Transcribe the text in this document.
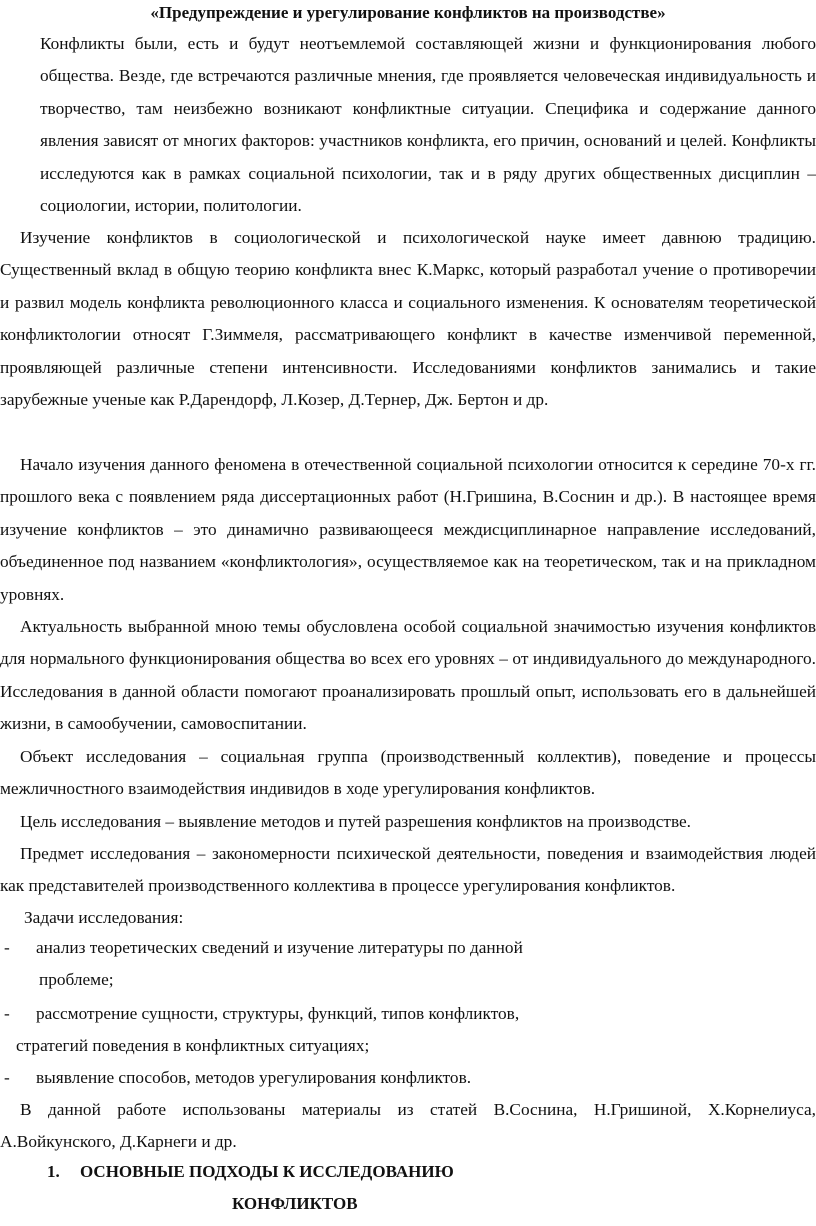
«Предупреждение и урегулирование конфликтов на производстве»

Конфликты были, есть и будут неотъемлемой составляющей жизни и функционирования любого общества. Везде, где встречаются различные мнения, где проявляется человеческая индивидуальность и творчество, там неизбежно возникают конфликтные ситуации. Специфика и содержание данного явления зависят от многих факторов: участников конфликта, его причин, оснований и целей. Конфликты исследуются как в рамках социальной психологии, так и в ряду других общественных дисциплин – социологии, истории, политологии.

Изучение конфликтов в социологической и психологической науке имеет давнюю традицию. Существенный вклад в общую теорию конфликта внес К.Маркс, который разработал учение о противоречии и развил модель конфликта революционного класса и социального изменения. К основателям теоретической конфликтологии относят Г.Зиммеля, рассматривающего конфликт в качестве изменчивой переменной, проявляющей различные степени интенсивности. Исследованиями конфликтов занимались и такие зарубежные ученые как Р.Дарендорф, Л.Козер, Д.Тернер, Дж. Бертон и др.

Начало изучения данного феномена в отечественной социальной психологии относится к середине 70-х гг. прошлого века с появлением ряда диссертационных работ (Н.Гришина, В.Соснин и др.). В настоящее время изучение конфликтов – это динамично развивающееся междисциплинарное направление исследований, объединенное под названием «конфликтология», осуществляемое как на теоретическом, так и на прикладном уровнях.

Актуальность выбранной мною темы обусловлена особой социальной значимостью изучения конфликтов для нормального функционирования общества во всех его уровнях – от индивидуального до международного. Исследования в данной области помогают проанализировать прошлый опыт, использовать его в дальнейшей жизни, в самообучении, самовоспитании.

Объект исследования – социальная группа (производственный коллектив), поведение и процессы межличностного взаимодействия индивидов в ходе урегулирования конфликтов.

Цель исследования – выявление методов и путей разрешения конфликтов на производстве.

Предмет исследования – закономерности психической деятельности, поведения и взаимодействия людей как представителей производственного коллектива в процессе урегулирования конфликтов.

Задачи исследования:
- анализ теоретических сведений и изучение литературы по данной
проблеме;
- рассмотрение сущности, структуры, функций, типов конфликтов,
стратегий поведения в конфликтных ситуациях;
- выявление способов, методов урегулирования конфликтов.

В данной работе использованы материалы из статей В.Соснина, Н.Гришиной, Х.Корнелиуса, А.Войкунского, Д.Карнеги и др.

1. ОСНОВНЫЕ ПОДХОДЫ К ИССЛЕДОВАНИЮ
КОНФЛИКТОВ
